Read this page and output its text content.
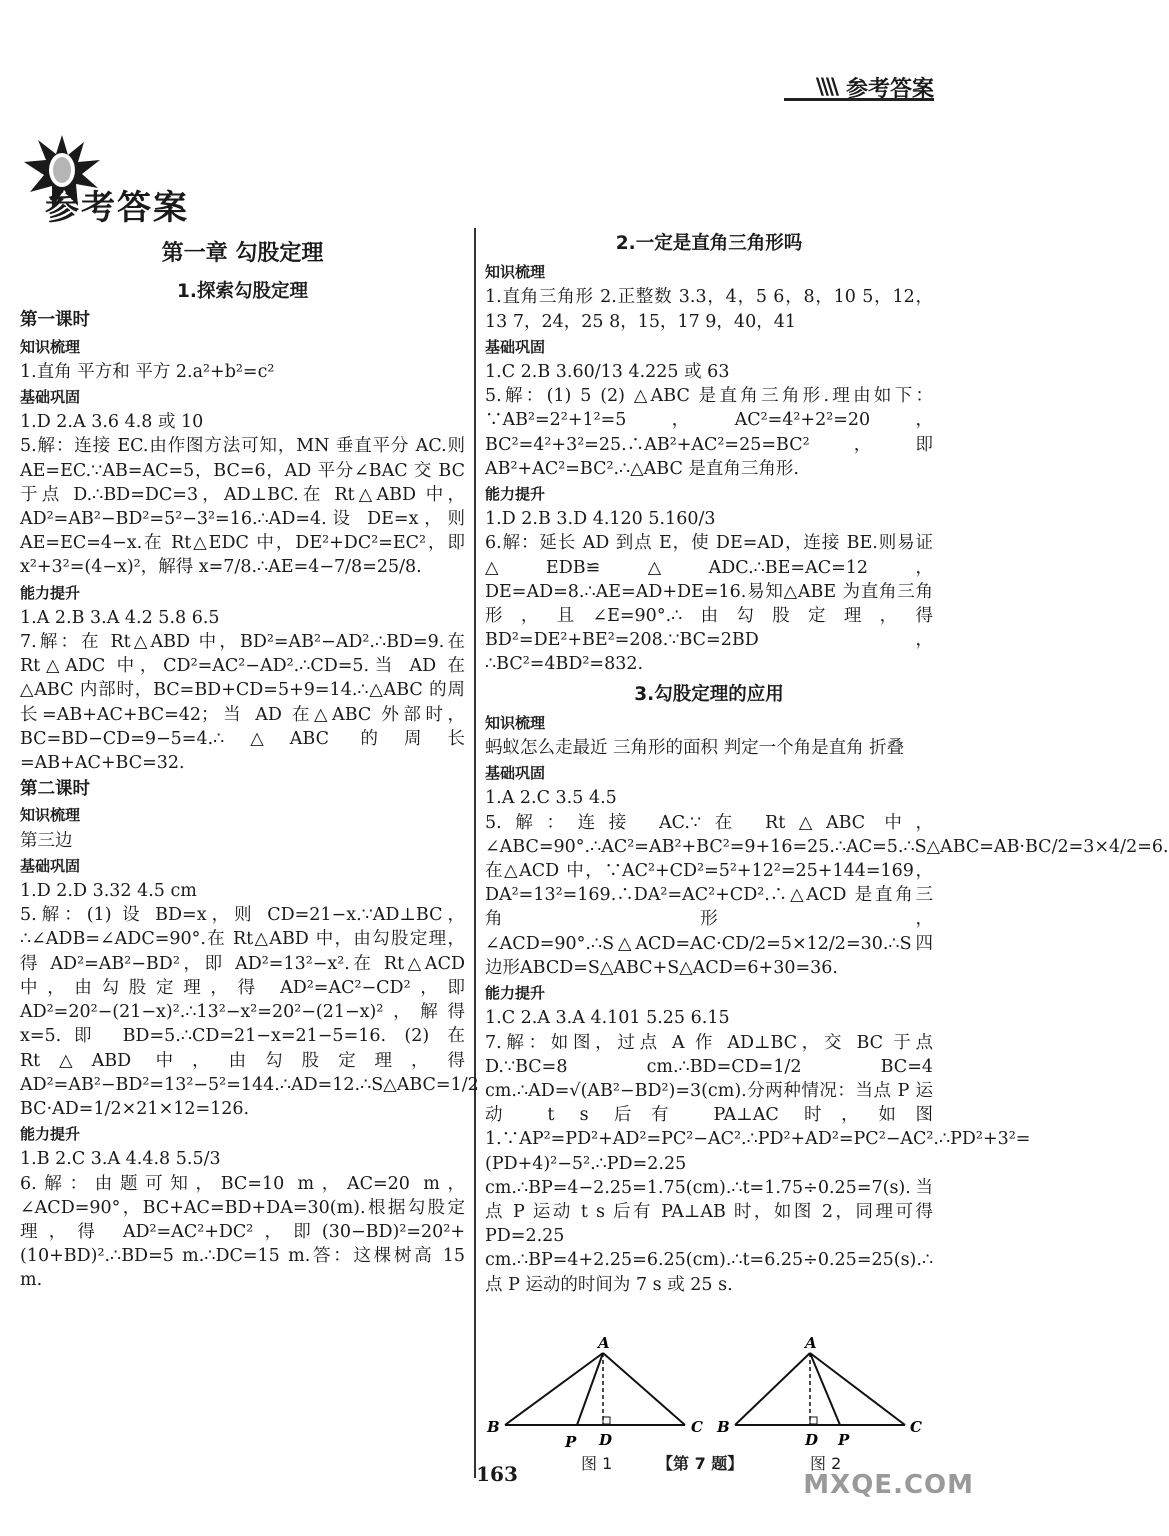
\\\\ 参考答案
参考答案
第一章 勾股定理
1.探索勾股定理
第一课时
知识梳理

1.直角 平方和 平方 2.a²+b²=c²

基础巩固

1.D 2.A 3.6 4.8 或 10

5.解：连接 EC.由作图方法可知，MN 垂直平分 AC.则 AE=EC.∵AB=AC=5，BC=6，AD 平分∠BAC 交 BC 于点 D.∴BD=DC=3，AD⊥BC.在 Rt△ABD 中，AD²=AB²−BD²=5²−3²=16.∴AD=4.设 DE=x，则 AE=EC=4−x.在 Rt△EDC 中，DE²+DC²=EC²，即 x²+3²=(4−x)²，解得 x=7/8.∴AE=4−7/8=25/8.

能力提升

1.A 2.B 3.A 4.2 5.8 6.5

7.解：在 Rt△ABD 中，BD²=AB²−AD².∴BD=9.在 Rt△ADC 中，CD²=AC²−AD².∴CD=5.当 AD 在△ABC 内部时，BC=BD+CD=5+9=14.∴△ABC 的周长=AB+AC+BC=42；当 AD 在△ABC 外部时，BC=BD−CD=9−5=4.∴△ABC 的周长=AB+AC+BC=32.

第二课时
知识梳理

第三边

基础巩固

1.D 2.D 3.32 4.5 cm

5.解：(1) 设 BD=x，则 CD=21−x.∵AD⊥BC，∴∠ADB=∠ADC=90°.在 Rt△ABD 中，由勾股定理，得 AD²=AB²−BD²，即 AD²=13²−x².在 Rt△ACD 中，由勾股定理，得 AD²=AC²−CD²，即 AD²=20²−(21−x)².∴13²−x²=20²−(21−x)²，解得 x=5.即 BD=5.∴CD=21−x=21−5=16. (2) 在 Rt△ABD 中，由勾股定理，得 AD²=AB²−BD²=13²−5²=144.∴AD=12.∴S△ABC=1/2 BC·AD=1/2×21×12=126.

能力提升

1.B 2.C 3.A 4.4.8 5.5/3

6.解：由题可知，BC=10 m，AC=20 m，∠ACD=90°，BC+AC=BD+DA=30(m).根据勾股定理，得 AD²=AC²+DC²，即(30−BD)²=20²+(10+BD)².∴BD=5 m.∴DC=15 m.答：这棵树高 15 m.

2.一定是直角三角形吗
知识梳理

1.直角三角形 2.正整数 3.3，4，5 6，8，10 5，12，13 7，24，25 8，15，17 9，40，41

基础巩固

1.C 2.B 3.60/13 4.225 或 63

5.解：(1) 5 (2) △ABC 是直角三角形.理由如下：∵AB²=2²+1²=5，AC²=4²+2²=20，BC²=4²+3²=25.∴AB²+AC²=25=BC²，即 AB²+AC²=BC².∴△ABC 是直角三角形.

能力提升

1.D 2.B 3.D 4.120 5.160/3

6.解：延长 AD 到点 E，使 DE=AD，连接 BE.则易证△EDB≌△ADC.∴BE=AC=12，DE=AD=8.∴AE=AD+DE=16.易知△ABE 为直角三角形，且∠E=90°.∴由勾股定理，得 BD²=DE²+BE²=208.∵BC=2BD，∴BC²=4BD²=832.

3.勾股定理的应用
知识梳理

蚂蚁怎么走最近 三角形的面积 判定一个角是直角 折叠

基础巩固

1.A 2.C 3.5 4.5

5.解：连接 AC.∵在 Rt△ABC 中，∠ABC=90°.∴AC²=AB²+BC²=9+16=25.∴AC=5.∴S△ABC=AB·BC/2=3×4/2=6.在△ACD 中，∵AC²+CD²=5²+12²=25+144=169，DA²=13²=169.∴DA²=AC²+CD².∴△ACD 是直角三角形，∠ACD=90°.∴S△ACD=AC·CD/2=5×12/2=30.∴S四边形ABCD=S△ABC+S△ACD=6+30=36.

能力提升

1.C 2.A 3.A 4.101 5.25 6.15

7.解：如图，过点 A 作 AD⊥BC，交 BC 于点 D.∵BC=8 cm.∴BD=CD=1/2 BC=4 cm.∴AD=√(AB²−BD²)=3(cm).分两种情况：当点 P 运动 t s 后有 PA⊥AC 时，如图 1.∵AP²=PD²+AD²=PC²−AC².∴PD²+AD²=PC²−AC².∴PD²+3²=(PD+4)²−5².∴PD=2.25 cm.∴BP=4−2.25=1.75(cm).∴t=1.75÷0.25=7(s).当点 P 运动 t s 后有 PA⊥AB 时，如图 2，同理可得 PD=2.25 cm.∴BP=4+2.25=6.25(cm).∴t=6.25÷0.25=25(s).∴点 P 运动的时间为 7 s 或 25 s.

A
B	C
D
P
A
B	C
D P
图 1	【第 7 题】	图 2
163	MXQE.COM
